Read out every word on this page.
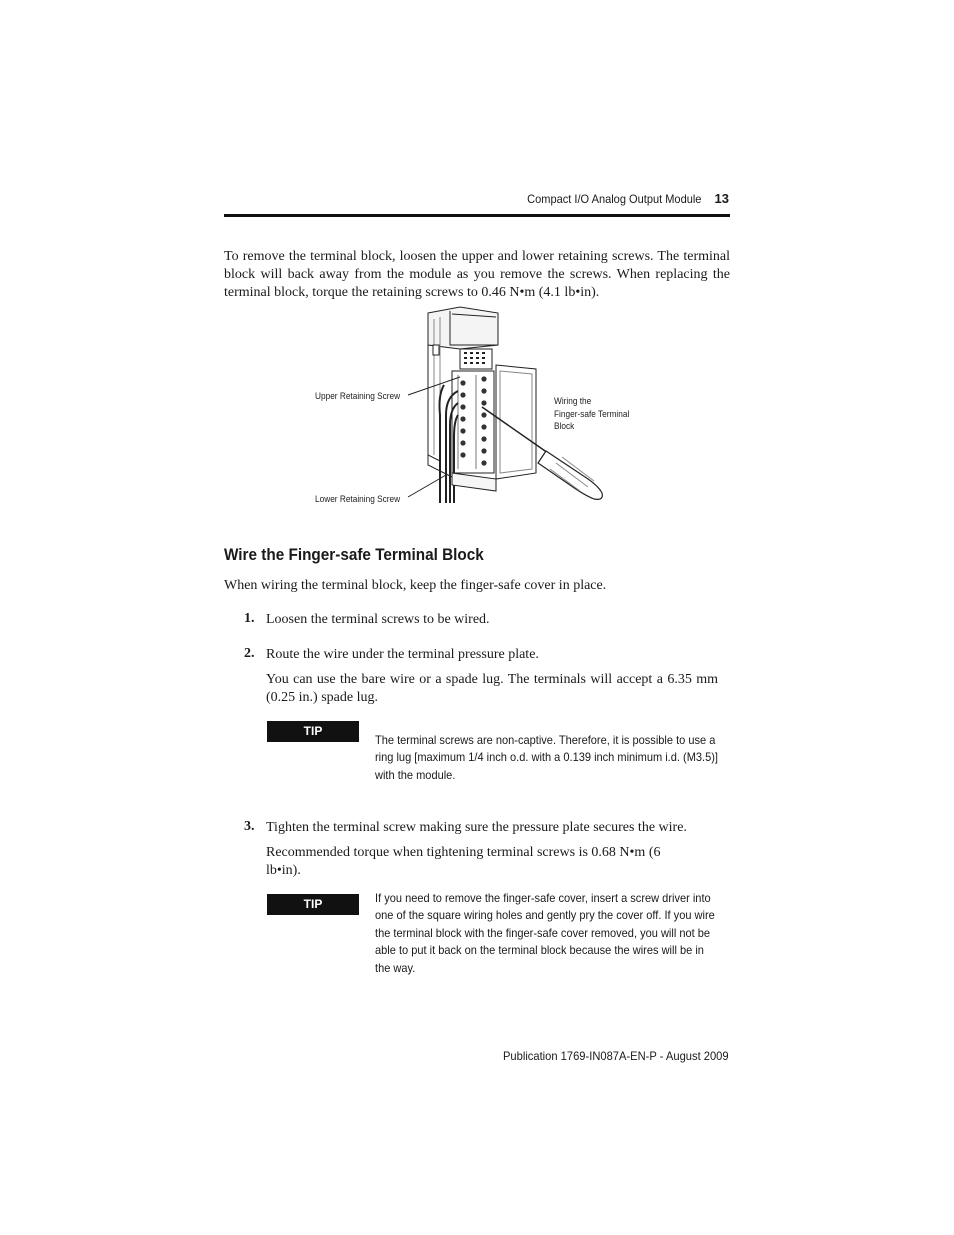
Compact I/O Analog Output Module 13
To remove the terminal block, loosen the upper and lower retaining screws. The terminal block will back away from the module as you remove the screws. When replacing the terminal block, torque the retaining screws to 0.46 N•m (4.1 lb•in).
Upper Retaining Screw
Lower Retaining Screw
Wiring the
Finger-safe Terminal
Block
Wire the Finger-safe Terminal Block
When wiring the terminal block, keep the finger-safe cover in place.
1. Loosen the terminal screws to be wired.
2. Route the wire under the terminal pressure plate.
You can use the bare wire or a spade lug. The terminals will accept a 6.35 mm (0.25 in.) spade lug.
TIP
The terminal screws are non-captive. Therefore, it is possible to use a ring lug [maximum 1/4 inch o.d. with a 0.139 inch minimum i.d. (M3.5)] with the module.
3. Tighten the terminal screw making sure the pressure plate secures the wire.
Recommended torque when tightening terminal screws is 0.68 N•m (6 lb•in).
TIP	If you need to remove the finger-safe cover, insert a screw driver into one of the square wiring holes and gently pry the cover off. If you wire the terminal block with the finger-safe cover removed, you will not be able to put it back on the terminal block because the wires will be in the way.
Publication 1769-IN087A-EN-P - August 2009
